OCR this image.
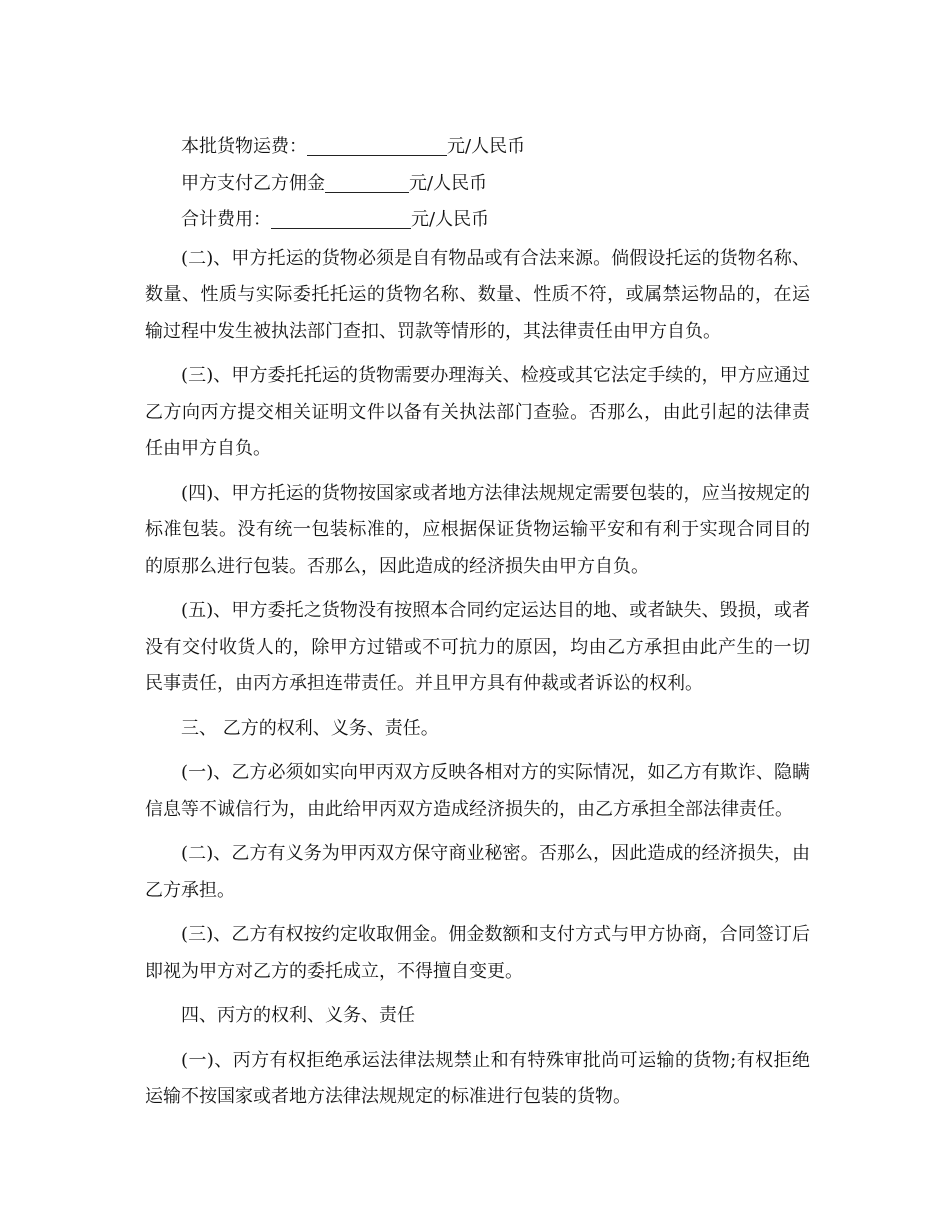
本批货物运费：	元/人民币
甲方支付乙方佣金	元/人民币
合计费用：	元/人民币

(二)、甲方托运的货物必须是自有物品或有合法来源。倘假设托运的货物名称、数量、性质与实际委托托运的货物名称、数量、性质不符，或属禁运物品的，在运输过程中发生被执法部门查扣、罚款等情形的，其法律责任由甲方自负。

(三)、甲方委托托运的货物需要办理海关、检疫或其它法定手续的，甲方应通过乙方向丙方提交相关证明文件以备有关执法部门查验。否那么，由此引起的法律责任由甲方自负。

(四)、甲方托运的货物按国家或者地方法律法规规定需要包装的，应当按规定的标准包装。没有统一包装标准的，应根据保证货物运输平安和有利于实现合同目的的原那么进行包装。否那么，因此造成的经济损失由甲方自负。

(五)、甲方委托之货物没有按照本合同约定运达目的地、或者缺失、毁损，或者没有交付收货人的，除甲方过错或不可抗力的原因，均由乙方承担由此产生的一切民事责任，由丙方承担连带责任。并且甲方具有仲裁或者诉讼的权利。

三、 乙方的权利、义务、责任。

(一)、乙方必须如实向甲丙双方反映各相对方的实际情况，如乙方有欺诈、隐瞒信息等不诚信行为，由此给甲丙双方造成经济损失的，由乙方承担全部法律责任。

(二)、乙方有义务为甲丙双方保守商业秘密。否那么，因此造成的经济损失，由乙方承担。

(三)、乙方有权按约定收取佣金。佣金数额和支付方式与甲方协商，合同签订后即视为甲方对乙方的委托成立，不得擅自变更。

四、丙方的权利、义务、责任

(一)、丙方有权拒绝承运法律法规禁止和有特殊审批尚可运输的货物;有权拒绝运输不按国家或者地方法律法规规定的标准进行包装的货物。
